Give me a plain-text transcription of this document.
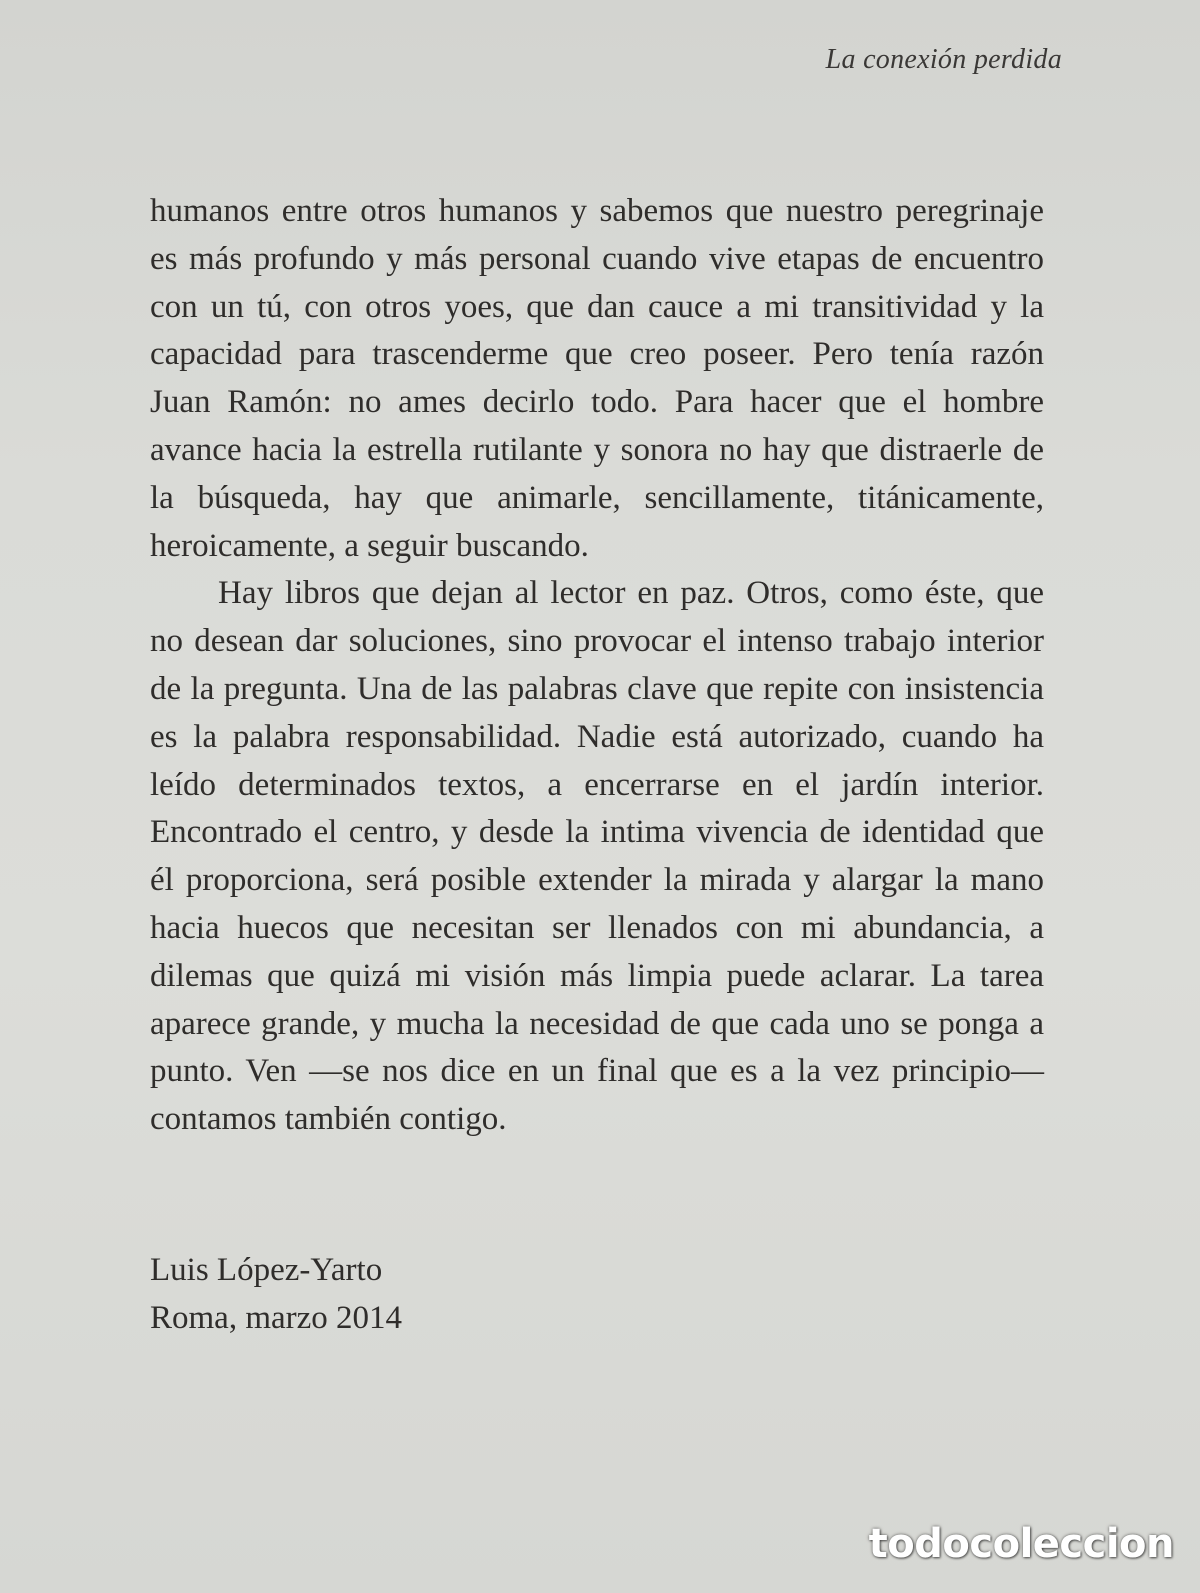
La conexión perdida

humanos entre otros humanos y sabemos que nuestro peregrinaje es más profundo y más personal cuando vive etapas de encuentro con un tú, con otros yoes, que dan cauce a mi transitividad y la capacidad para trascenderme que creo poseer. Pero tenía razón Juan Ramón: no ames decirlo todo. Para hacer que el hombre avance hacia la estrella rutilante y sonora no hay que distraerle de la búsqueda, hay que animarle, sencillamente, titánicamente, heroicamente, a seguir buscando.

Hay libros que dejan al lector en paz. Otros, como éste, que no desean dar soluciones, sino provocar el intenso trabajo interior de la pregunta. Una de las palabras clave que repite con insistencia es la palabra responsabilidad. Nadie está autorizado, cuando ha leído determinados textos, a encerrarse en el jardín interior. Encontrado el centro, y desde la intima vivencia de identidad que él proporciona, será posible extender la mirada y alargar la mano hacia huecos que necesitan ser llenados con mi abundancia, a dilemas que quizá mi visión más limpia puede aclarar. La tarea aparece grande, y mucha la necesidad de que cada uno se ponga a punto. Ven —se nos dice en un final que es a la vez principio— contamos también contigo.

Luis López-Yarto
Roma, marzo 2014
todocoleccion
